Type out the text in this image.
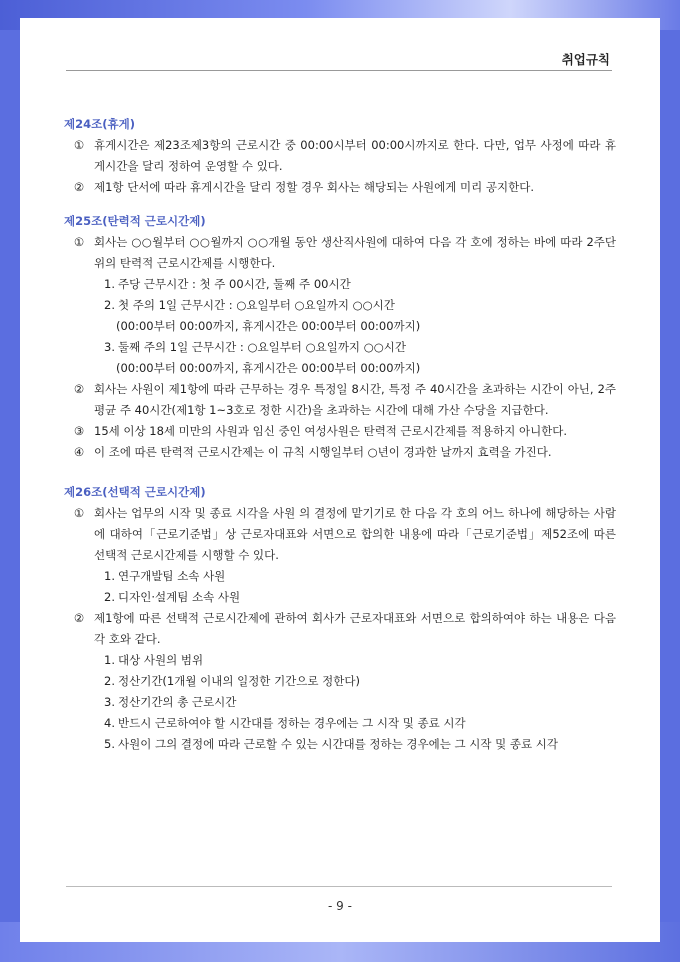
취업규칙

제24조(휴게)

① 휴게시간은 제23조제3항의 근로시간 중 00:00시부터 00:00시까지로 한다. 다만, 업무 사정에 따라 휴게시간을 달리 정하여 운영할 수 있다.
② 제1항 단서에 따라 휴게시간을 달리 정할 경우 회사는 해당되는 사원에게 미리 공지한다.

제25조(탄력적 근로시간제)

① 회사는 ○○월부터 ○○월까지 ○○개월 동안 생산직사원에 대하여 다음 각 호에 정하는 바에 따라 2주단위의 탄력적 근로시간제를 시행한다.
1. 주당 근무시간 : 첫 주 00시간, 둘째 주 00시간
2. 첫 주의 1일 근무시간 : ○요일부터 ○요일까지 ○○시간
(00:00부터 00:00까지, 휴게시간은 00:00부터 00:00까지)
3. 둘째 주의 1일 근무시간 : ○요일부터 ○요일까지 ○○시간
(00:00부터 00:00까지, 휴게시간은 00:00부터 00:00까지)
② 회사는 사원이 제1항에 따라 근무하는 경우 특정일 8시간, 특정 주 40시간을 초과하는 시간이 아닌, 2주 평균 주 40시간(제1항 1~3호로 정한 시간)을 초과하는 시간에 대해 가산 수당을 지급한다.
③ 15세 이상 18세 미만의 사원과 임신 중인 여성사원은 탄력적 근로시간제를 적용하지 아니한다.
④ 이 조에 따른 탄력적 근로시간제는 이 규칙 시행일부터 ○년이 경과한 날까지 효력을 가진다.

제26조(선택적 근로시간제)

① 회사는 업무의 시작 및 종료 시각을 사원 의 결정에 맡기기로 한 다음 각 호의 어느 하나에 해당하는 사람에 대하여「근로기준법」상 근로자대표와 서면으로 합의한 내용에 따라「근로기준법」제52조에 따른 선택적 근로시간제를 시행할 수 있다.
1. 연구개발팀 소속 사원
2. 디자인·설계팀 소속 사원
② 제1항에 따른 선택적 근로시간제에 관하여 회사가 근로자대표와 서면으로 합의하여야 하는 내용은 다음 각 호와 같다.
1. 대상 사원의 범위
2. 정산기간(1개월 이내의 일정한 기간으로 정한다)
3. 정산기간의 총 근로시간
4. 반드시 근로하여야 할 시간대를 정하는 경우에는 그 시작 및 종료 시각
5. 사원이 그의 결정에 따라 근로할 수 있는 시간대를 정하는 경우에는 그 시작 및 종료 시각
- 9 -
